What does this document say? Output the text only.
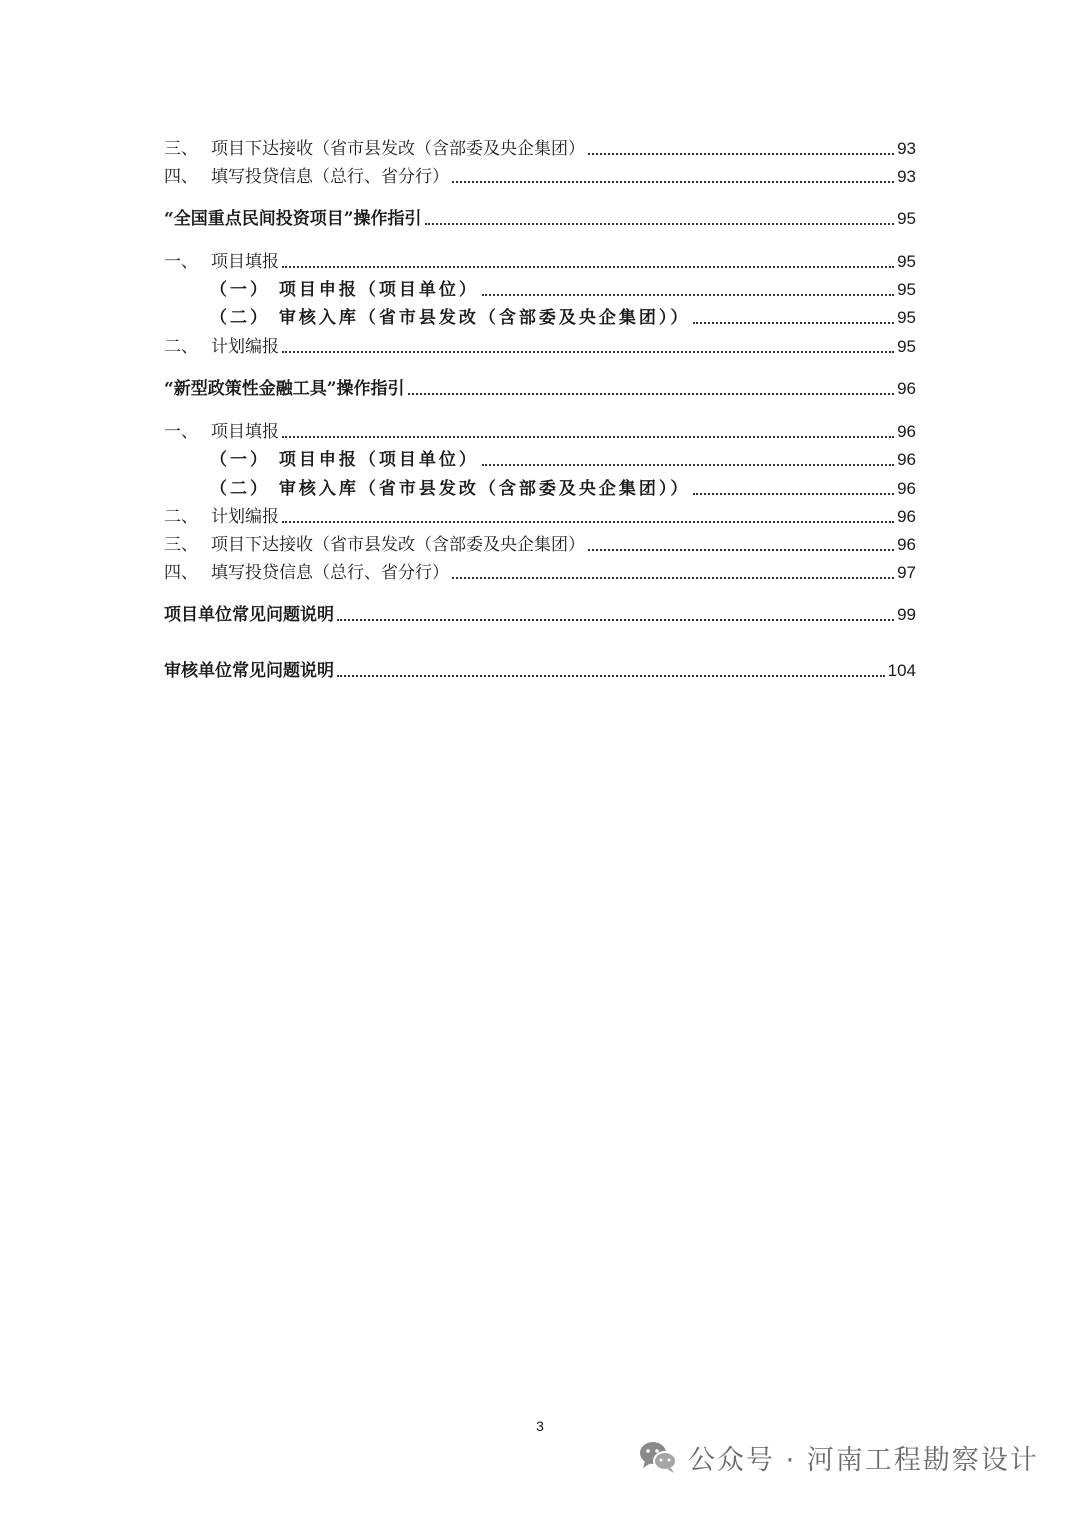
三、 项目下达接收（省市县发改（含部委及央企集团）	93
四、 填写投贷信息（总行、省分行）	93
“全国重点民间投资项目”操作指引	95
一、 项目填报	95
（一） 项目申报（项目单位）	95
（二） 审核入库（省市县发改（含部委及央企集团））	95
二、 计划编报	95
“新型政策性金融工具”操作指引	96
一、 项目填报	96
（一） 项目申报（项目单位）	96
（二） 审核入库（省市县发改（含部委及央企集团））	96
二、 计划编报	96
三、 项目下达接收（省市县发改（含部委及央企集团）	96
四、 填写投贷信息（总行、省分行）	97
项目单位常见问题说明	99
审核单位常见问题说明	104
3
公众号 · 河南工程勘察设计
